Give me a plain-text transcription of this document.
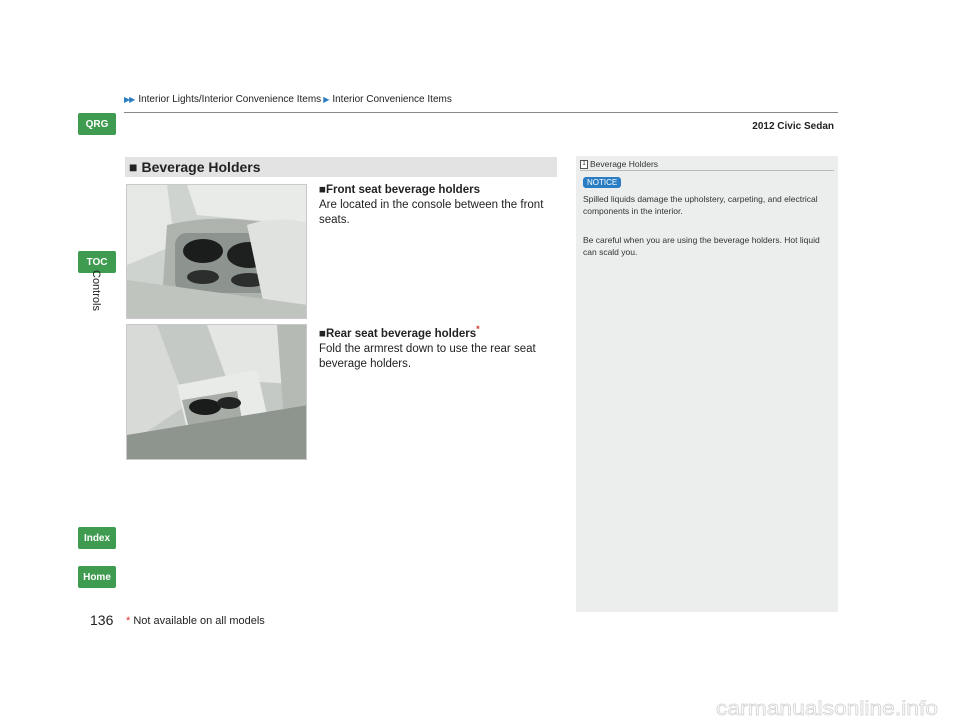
▶▶ Interior Lights/Interior Convenience Items ▶ Interior Convenience Items
2012 Civic Sedan
QRG
TOC
Index
Home
Controls
■ Beverage Holders
■Front seat beverage holders
Are located in the console between the front seats.
■Rear seat beverage holders*
Fold the armrest down to use the rear seat beverage holders.
1 Beverage Holders
NOTICE
Spilled liquids damage the upholstery, carpeting, and electrical components in the interior.
Be careful when you are using the beverage holders. Hot liquid can scald you.
136 * Not available on all models
carmanualsonline.info
